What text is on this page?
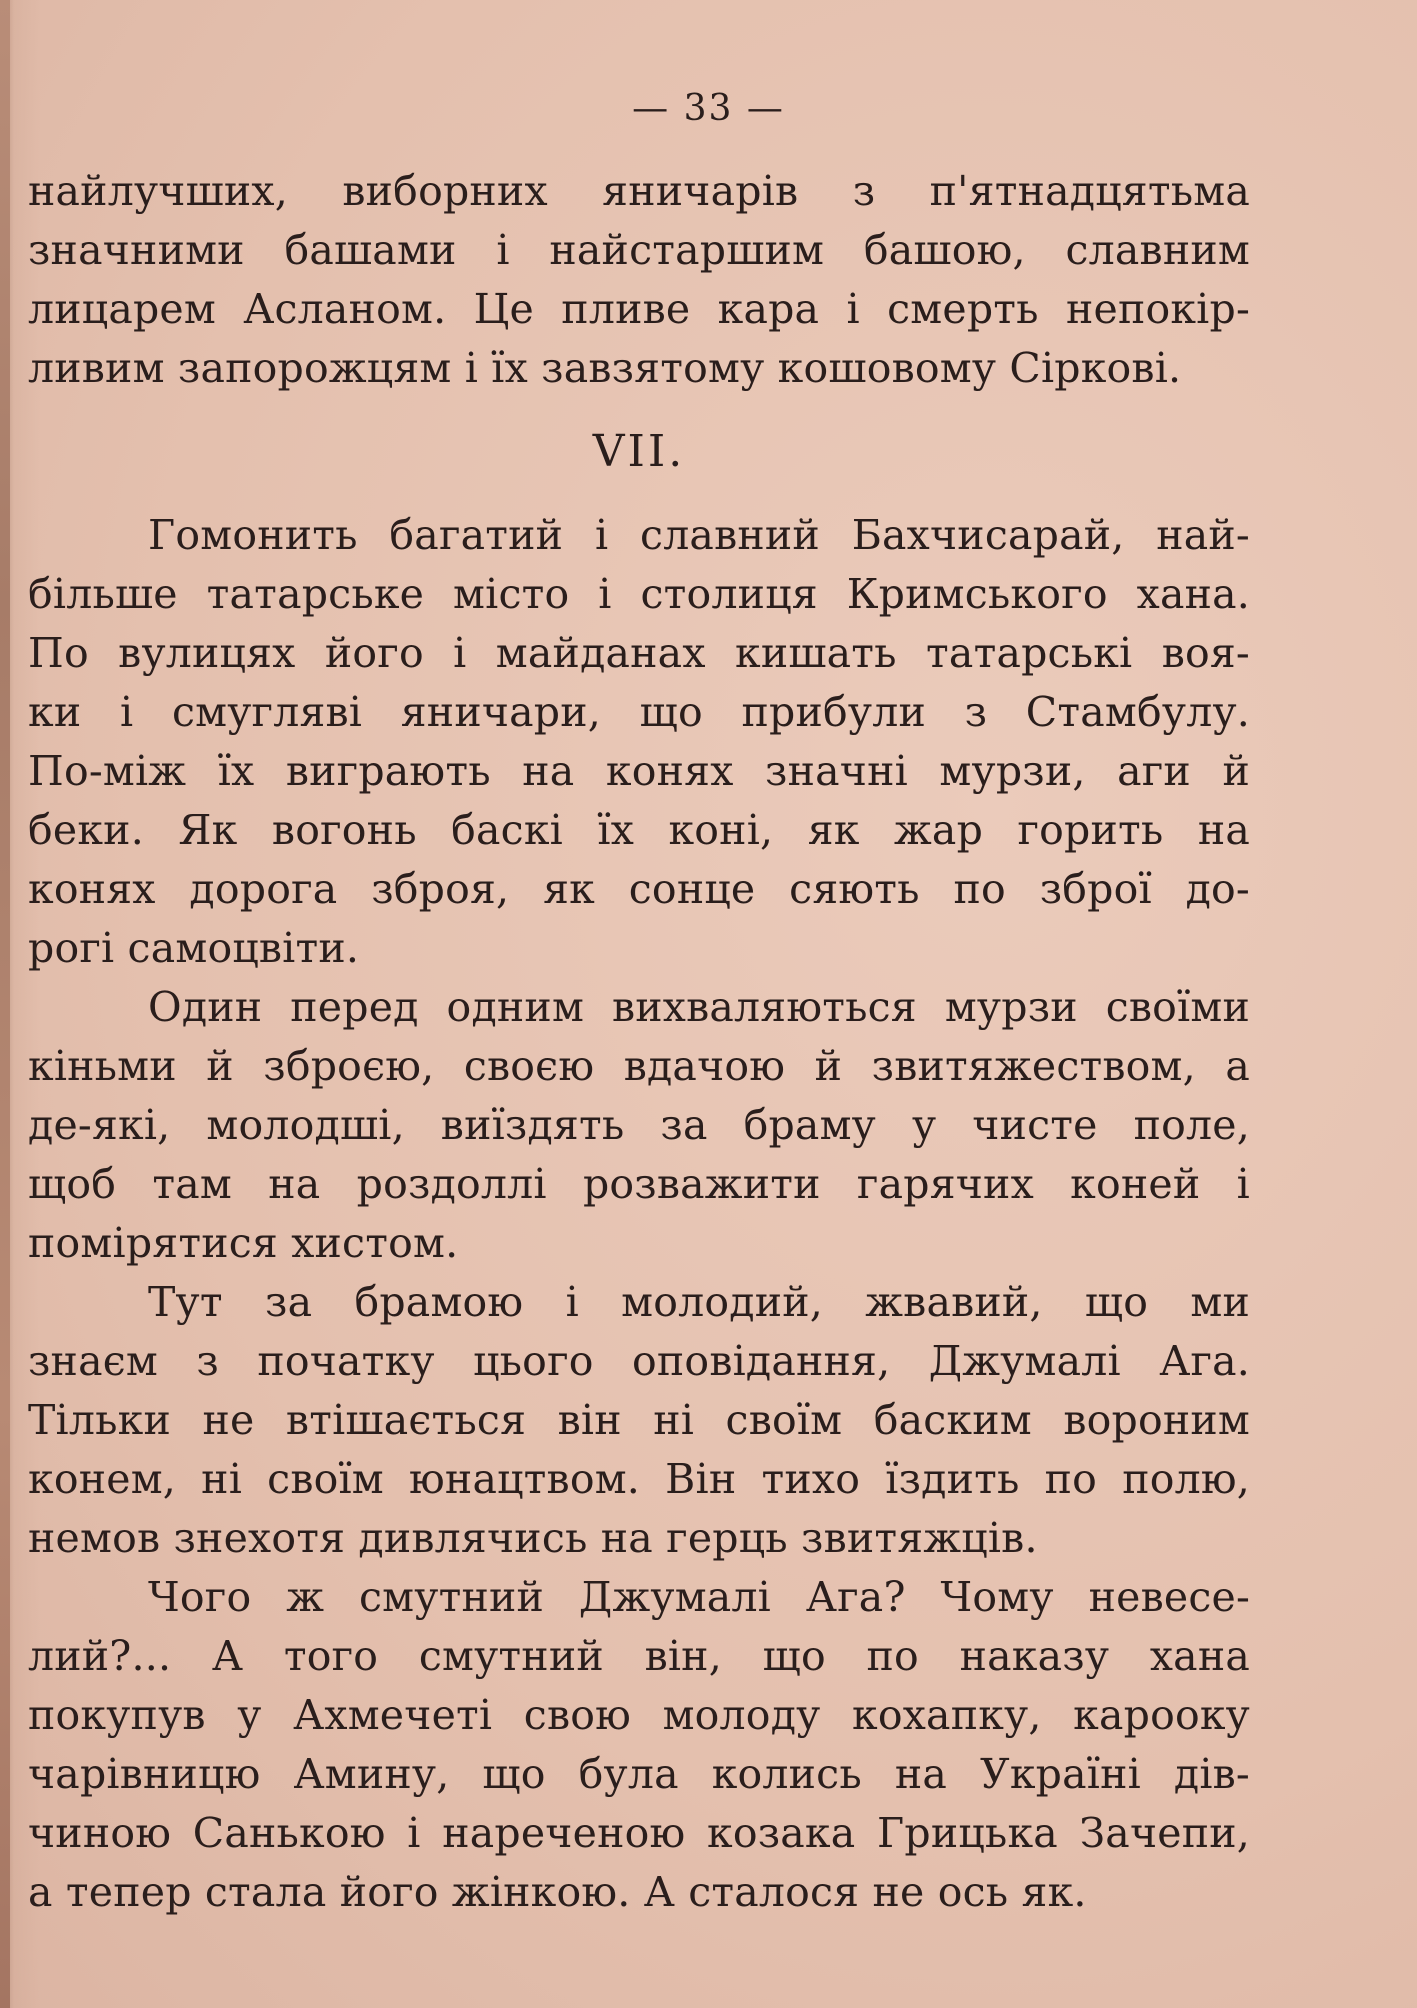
— 33 —
найлучших, виборних яничарів з п'ятнадцятьма
значними башами і найстаршим башою, славним
лицарем Асланом. Це пливе кара і смерть непокір-
ливим запорожцям і їх завзятому кошовому Сіркові.
VII.
Гомонить багатий і славний Бахчисарай, най-
більше татарське місто і столиця Кримського хана.
По вулицях його і майданах кишать татарські воя-
ки і смугляві яничари, що прибули з Стамбулу.
По-між їх виграють на конях значні мурзи, аги й
беки. Як вогонь баскі їх коні, як жар горить на
конях дорога зброя, як сонце сяють по зброї до-
рогі самоцвіти.
Один перед одним вихваляються мурзи своїми
кіньми й зброєю, своєю вдачою й звитяжеством, а
де-які, молодші, виїздять за браму у чисте поле,
щоб там на роздоллі розважити гарячих коней і
помірятися хистом.
Тут за брамою і молодий, жвавий, що ми
знаєм з початку цього оповідання, Джумалі Ага.
Тільки не втішається він ні своїм баским вороним
конем, ні своїм юнацтвом. Він тихо їздить по полю,
немов знехотя дивлячись на герць звитяжців.
Чого ж смутний Джумалі Ага? Чому невесе-
лий?... А того смутний він, що по наказу хана
покупув у Ахмечеті свою молоду кохапку, кароoку
чарівницю Амину, що була колись на Україні дів-
чиною Санькою і нареченою козака Грицька Зачепи,
а тепер стала його жінкою. А сталося не ось як.
